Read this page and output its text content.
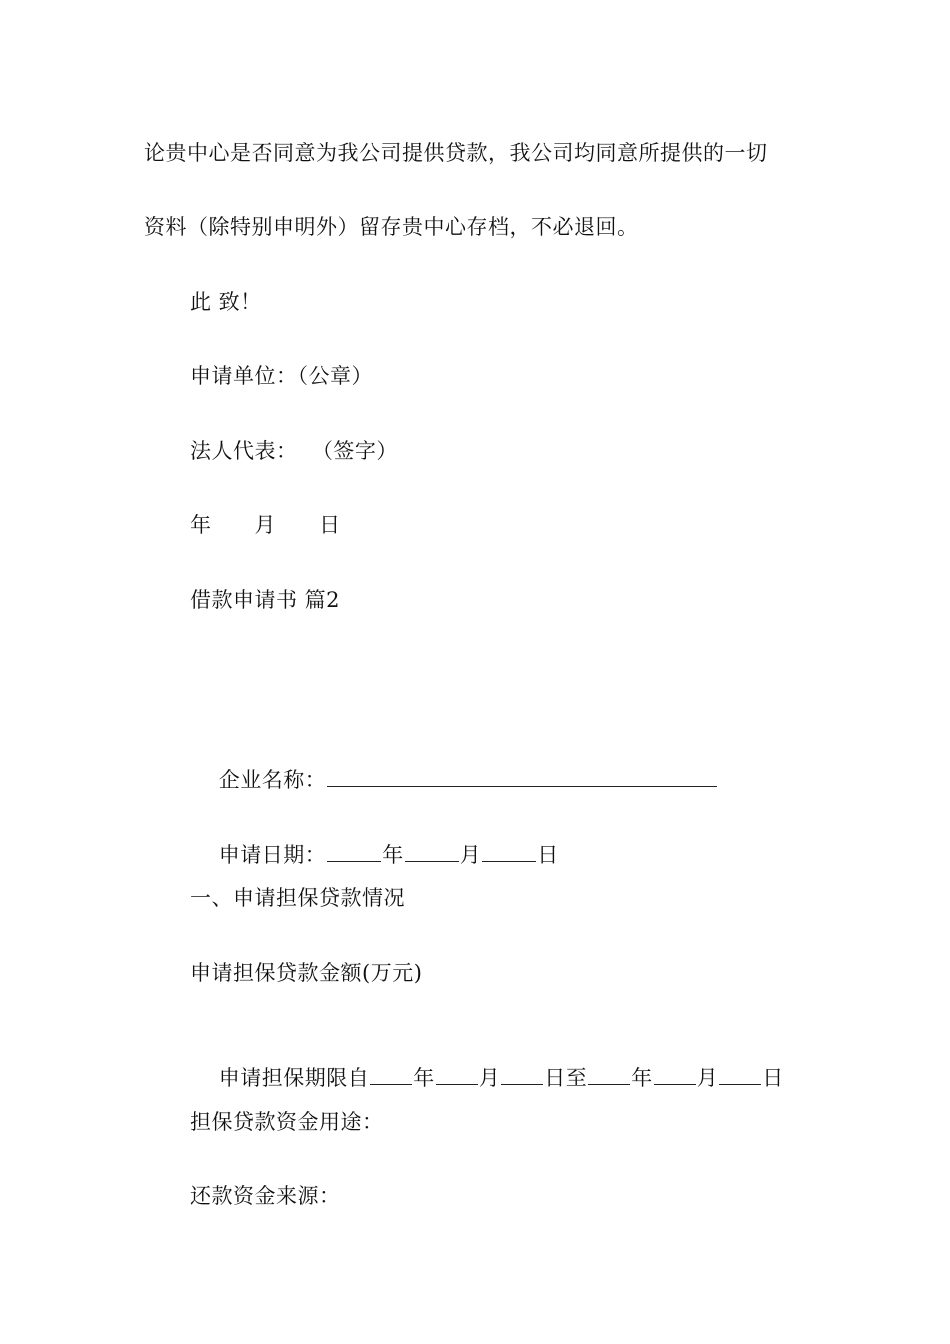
论贵中心是否同意为我公司提供贷款，我公司均同意所提供的一切
资料（除特别申明外）留存贵中心存档，不必退回。
此 致！
申请单位：（公章）
法人代表：  （签字）
年      月      日
借款申请书 篇2

企业名称：

申请日期：	年	月	日

一、申请担保贷款情况
申请担保贷款金额(万元)

申请担保期限自 年 月 日至 年 月 日

担保贷款资金用途：
还款资金来源：
